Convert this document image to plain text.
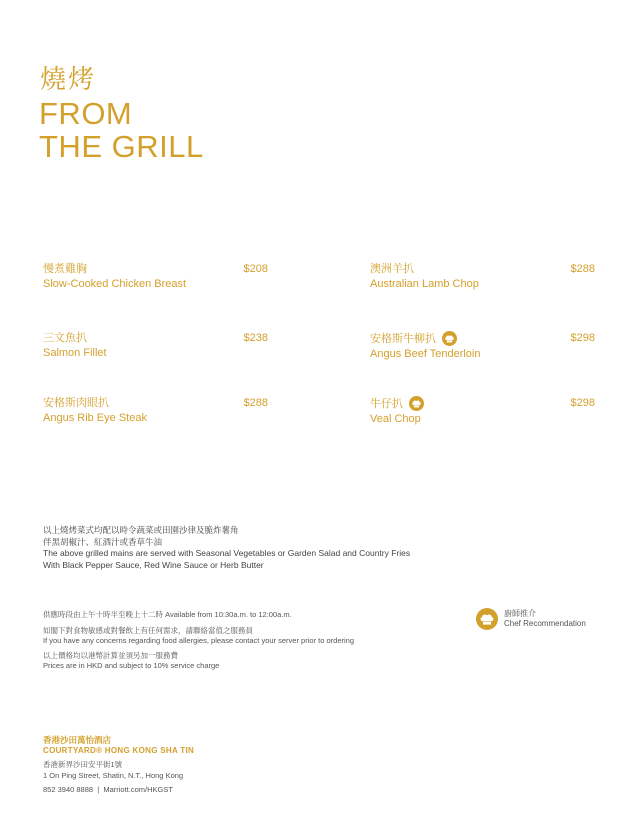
燒烤
FROM
THE GRILL
慢煮雞胸
Slow-Cooked Chicken Breast
$208	澳洲羊扒
Australian Lamb Chop
$288
三文魚扒
Salmon Fillet
$238	安格斯牛柳扒
Angus Beef Tenderloin
$298
安格斯肉眼扒
Angus Rib Eye Steak
$288	牛仔扒
Veal Chop
$298
以上燒烤菜式均配以時令蔬菜或田園沙律及脆炸薯角
伴黑胡椒汁、紅酒汁或香草牛油
The above grilled mains are served with Seasonal Vegetables or Garden Salad and Country Fries
With Black Pepper Sauce, Red Wine Sauce or Herb Butter
供應時段由上午十時半至晚上十二時 Available from 10:30a.m. to 12:00a.m.
如閣下對食物敏感或對餐飲上有任何需求，請聯絡當值之服務員
If you have any concerns regarding food allergies, please contact your server prior to ordering
以上價格均以港幣計算並須另加一服務費
Prices are in HKD and subject to 10% service charge
廚師推介
Chef Recommendation
香港沙田萬怡酒店
COURTYARD® HONG KONG SHA TIN
香港新界沙田安平街1號
1 On Ping Street, Shatin, N.T., Hong Kong
852 3940 8888  |  Marriott.com/HKGST
